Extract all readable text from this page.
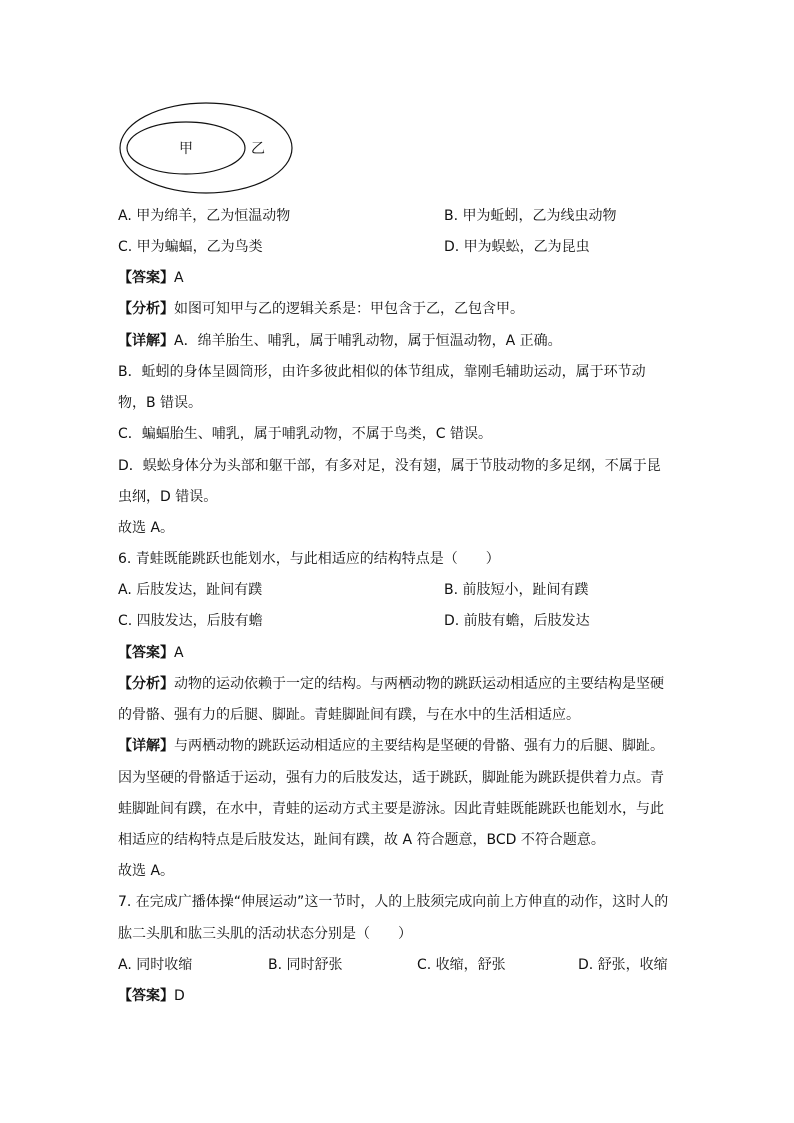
甲	乙
A. 甲为绵羊，乙为恒温动物	B. 甲为蚯蚓，乙为线虫动物
C. 甲为蝙蝠，乙为鸟类	D. 甲为蜈蚣，乙为昆虫
【答案】A
【分析】如图可知甲与乙的逻辑关系是：甲包含于乙，乙包含甲。
【详解】A．绵羊胎生、哺乳，属于哺乳动物，属于恒温动物，A 正确。
B．蚯蚓的身体呈圆筒形，由许多彼此相似的体节组成，靠刚毛辅助运动，属于环节动
物，B 错误。
C．蝙蝠胎生、哺乳，属于哺乳动物，不属于鸟类，C 错误。
D．蜈蚣身体分为头部和躯干部，有多对足，没有翅，属于节肢动物的多足纲，不属于昆
虫纲，D 错误。
故选 A。
6. 青蛙既能跳跃也能划水，与此相适应的结构特点是（　　）
A. 后肢发达，趾间有蹼	B. 前肢短小，趾间有蹼
C. 四肢发达，后肢有蟾	D. 前肢有蟾，后肢发达
【答案】A
【分析】动物的运动依赖于一定的结构。与两栖动物的跳跃运动相适应的主要结构是坚硬
的骨骼、强有力的后腿、脚趾。青蛙脚趾间有蹼，与在水中的生活相适应。
【详解】与两栖动物的跳跃运动相适应的主要结构是坚硬的骨骼、强有力的后腿、脚趾。
因为坚硬的骨骼适于运动，强有力的后肢发达，适于跳跃，脚趾能为跳跃提供着力点。青
蛙脚趾间有蹼，在水中，青蛙的运动方式主要是游泳。因此青蛙既能跳跃也能划水，与此
相适应的结构特点是后肢发达，趾间有蹼，故 A 符合题意，BCD 不符合题意。
故选 A。
7. 在完成广播体操“伸展运动”这一节时，人的上肢须完成向前上方伸直的动作，这时人的
肱二头肌和肱三头肌的活动状态分别是（　　）
A. 同时收缩	B. 同时舒张	C. 收缩，舒张	D. 舒张，收缩
【答案】D
